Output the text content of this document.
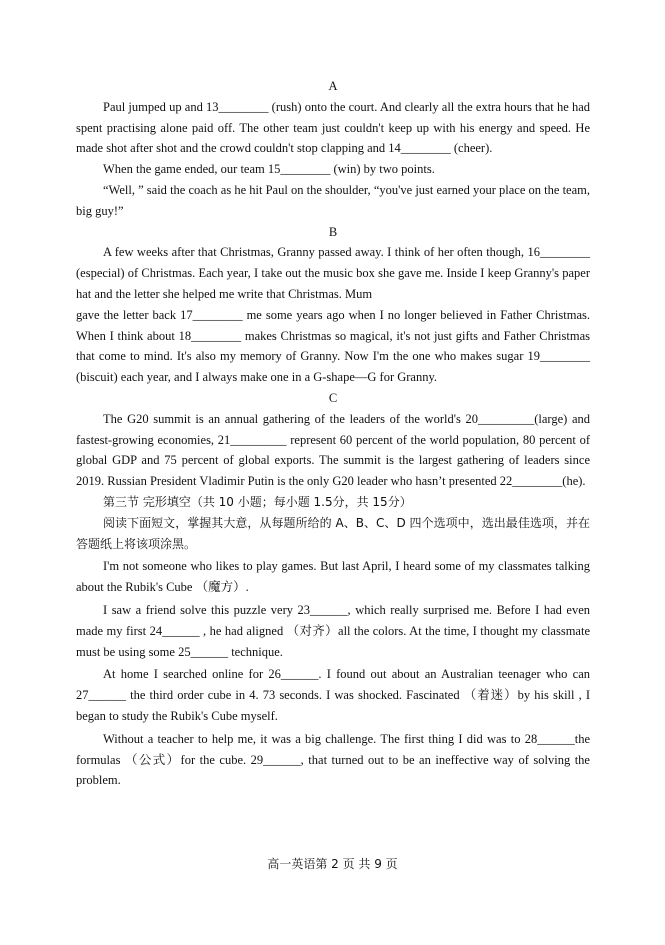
A
Paul jumped up and 13________ (rush) onto the court. And clearly all the extra hours that he had spent practising alone paid off. The other team just couldn't keep up with his energy and speed. He made shot after shot and the crowd couldn't stop clapping and 14________ (cheer).
When the game ended, our team 15________ (win) by two points.
“Well, ” said the coach as he hit Paul on the shoulder, “you've just earned your place on the team, big guy!”
B
A few weeks after that Christmas, Granny passed away. I think of her often though, 16________ (especial) of Christmas. Each year, I take out the music box she gave me. Inside I keep Granny's paper hat and the letter she helped me write that Christmas. Mum
gave the letter back 17________ me some years ago when I no longer believed in Father Christmas. When I think about 18________ makes Christmas so magical, it's not just gifts and Father Christmas that come to mind. It's also my memory of Granny. Now I'm the one who makes sugar 19________ (biscuit) each year, and I always make one in a G-shape—G for Granny.
C
The G20 summit is an annual gathering of the leaders of the world's 20_________(large) and fastest-growing economies, 21_________ represent 60 percent of the world population, 80 percent of global GDP and 75 percent of global exports. The summit is the largest gathering of leaders since 2019. Russian President Vladimir Putin is the only G20 leader who hasn’t presented 22________(he).
第三节 完形填空（共 10 小题；每小题 1.5分，共 15分）
阅读下面短文，掌握其大意，从每题所给的 A、B、C、D 四个选项中，选出最佳选项，并在答题纸上将该项涂黑。
I'm not someone who likes to play games. But last April, I heard some of my classmates talking about the Rubik's Cube （魔方）.
I saw a friend solve this puzzle very 23______, which really surprised me. Before I had even made my first 24______ , he had aligned （对齐）all the colors. At the time, I thought my classmate must be using some 25______ technique.
At home I searched online for 26______. I found out about an Australian teenager who can 27______ the third order cube in 4. 73 seconds. I was shocked. Fascinated （着迷）by his skill , I began to study the Rubik's Cube myself.
Without a teacher to help me, it was a big challenge. The first thing I did was to 28______the formulas （公式）for the cube. 29______, that turned out to be an ineffective way of solving the problem.
高一英语第 2 页 共 9 页
